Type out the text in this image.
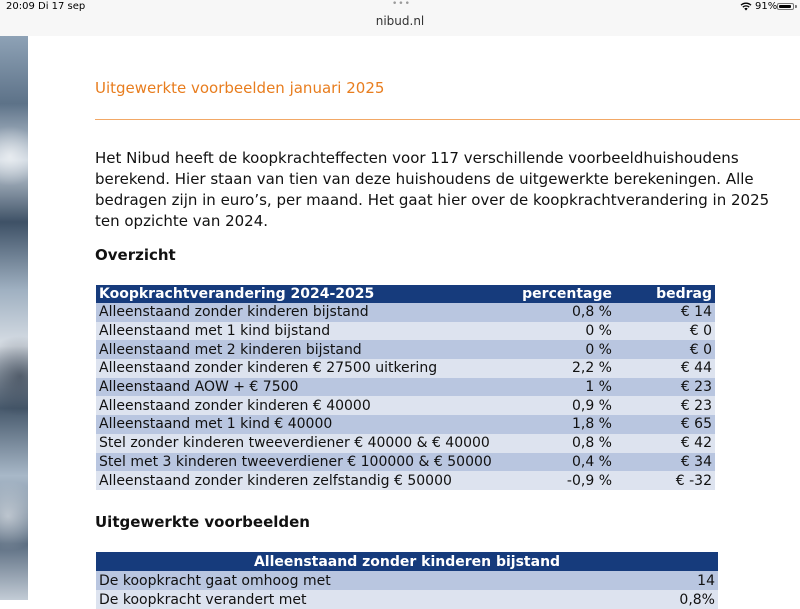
20:09 Di 17 sep	•••
nibud.nl
91%
Uitgewerkte voorbeelden januari 2025

Het Nibud heeft de koopkrachteffecten voor 117 verschillende voorbeeldhuishoudens berekend. Hier staan van tien van deze huishoudens de uitgewerkte berekeningen. Alle bedragen zijn in euro’s, per maand. Het gaat hier over de koopkrachtverandering in 2025 ten opzichte van 2024.

Overzicht
Koopkrachtverandering 2024-2025	percentage	bedrag
Alleenstaand zonder kinderen bijstand	0,8 %	€ 14
Alleenstaand met 1 kind bijstand	0 %	€ 0
Alleenstaand met 2 kinderen bijstand	0 %	€ 0
Alleenstaand zonder kinderen € 27500 uitkering	2,2 %	€ 44
Alleenstaand AOW + € 7500	1 %	€ 23
Alleenstaand zonder kinderen € 40000	0,9 %	€ 23
Alleenstaand met 1 kind € 40000	1,8 %	€ 65
Stel zonder kinderen tweeverdiener € 40000 & € 40000	0,8 %	€ 42
Stel met 3 kinderen tweeverdiener € 100000 & € 50000	0,4 %	€ 34
Alleenstaand zonder kinderen zelfstandig € 50000	-0,9 %	€ -32
Uitgewerkte voorbeelden
Alleenstaand zonder kinderen bijstand	
De koopkracht gaat omhoog met	14
De koopkracht verandert met	0,8%
